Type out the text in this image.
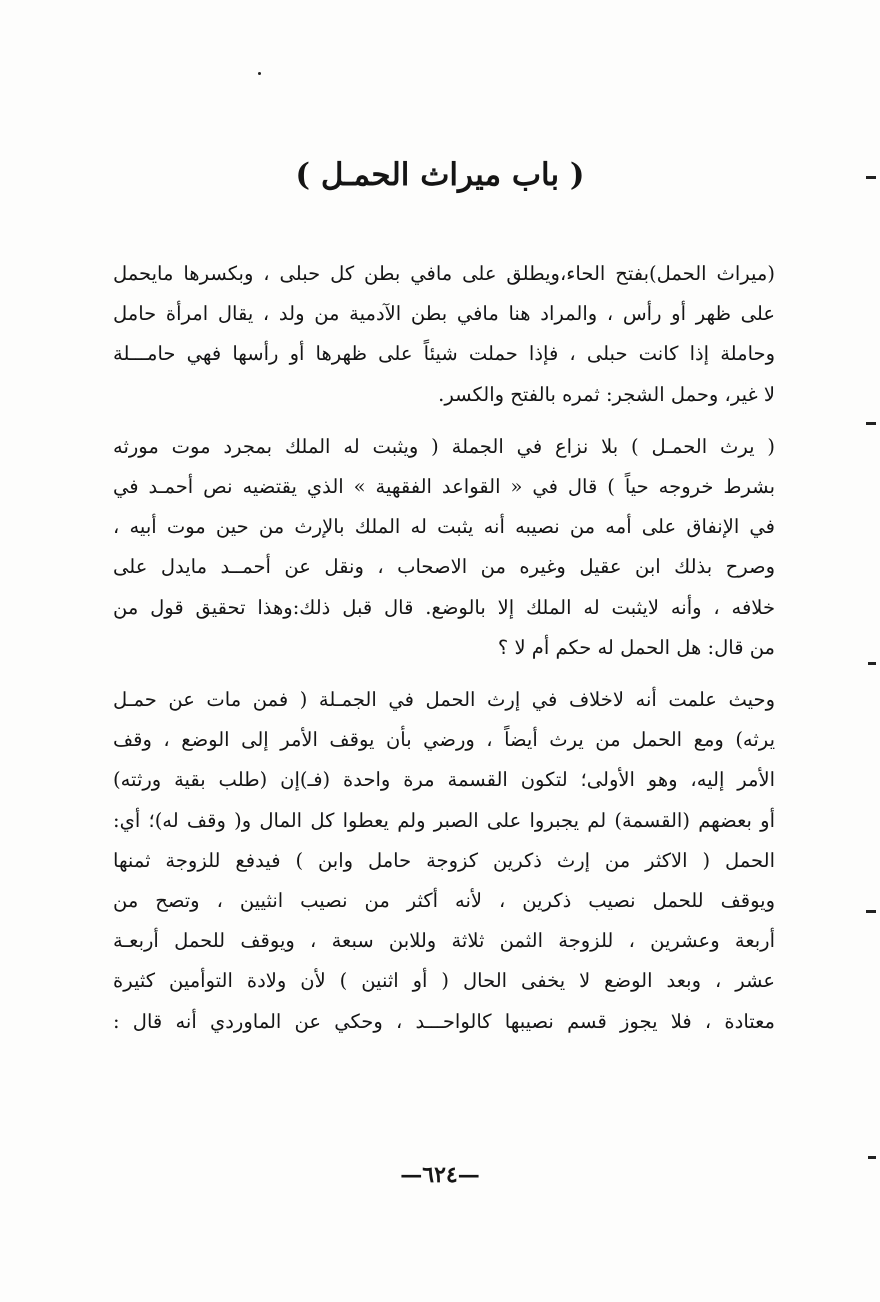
( باب ميراث الحمـل )

(ميراث الحمل)بفتح الحاء،ويطلق على مافي بطن كل حبلى ، وبكسرها مايحمل
على ظهر أو رأس ، والمراد هنا مافي بطن الآدمية من ولد ، يقال امرأة حامل
وحاملة إذا كانت حبلى ، فإذا حملت شيئاً على ظهرها أو رأسها فهي حامـــلة
لا غير، وحمل الشجر: ثمره بالفتح والكسر.

( يرث الحمـل ) بلا نزاع في الجملة ( ويثبت له الملك بمجرد موت مورثه
بشرط خروجه حياً ) قال في « القواعد الفقهية » الذي يقتضيه نص أحمـد في
في الإنفاق على أمه من نصيبه أنه يثبت له الملك بالإرث من حين موت أبيه ،
وصرح بذلك ابن عقيل وغيره من الاصحاب ، ونقل عن أحمــد مايدل على
خلافه ، وأنه لايثبت له الملك إلا بالوضع. قال قبل ذلك:وهذا تحقيق قول من
من قال: هل الحمل له حكم أم لا ؟

وحيث علمت أنه لاخلاف في إرث الحمل في الجمـلة ( فمن مات عن حمـل
يرثه) ومع الحمل من يرث أيضاً ، ورضي بأن يوقف الأمر إلى الوضع ، وقف
الأمر إليه، وهو الأولى؛ لتكون القسمة مرة واحدة (فـ)إن (طلب بقية ورثته)
أو بعضهم (القسمة) لم يجبروا على الصبر ولم يعطوا كل المال و( وقف له)؛ أي:
الحمل ( الاكثر من إرث ذكرين كزوجة حامل وابن ) فيدفع للزوجة ثمنها
ويوقف للحمل نصيب ذكرين ، لأنه أكثر من نصيب انثيين ، وتصح من
أربعة وعشرين ، للزوجة الثمن ثلاثة وللابن سبعة ، ويوقف للحمل أربعـة
عشر ، وبعد الوضع لا يخفى الحال ( أو اثنين ) لأن ولادة التوأمين كثيرة
معتادة ، فلا يجوز قسم نصيبها كالواحـــد ، وحكي عن الماوردي أنه قال :

—٦٢٤—
